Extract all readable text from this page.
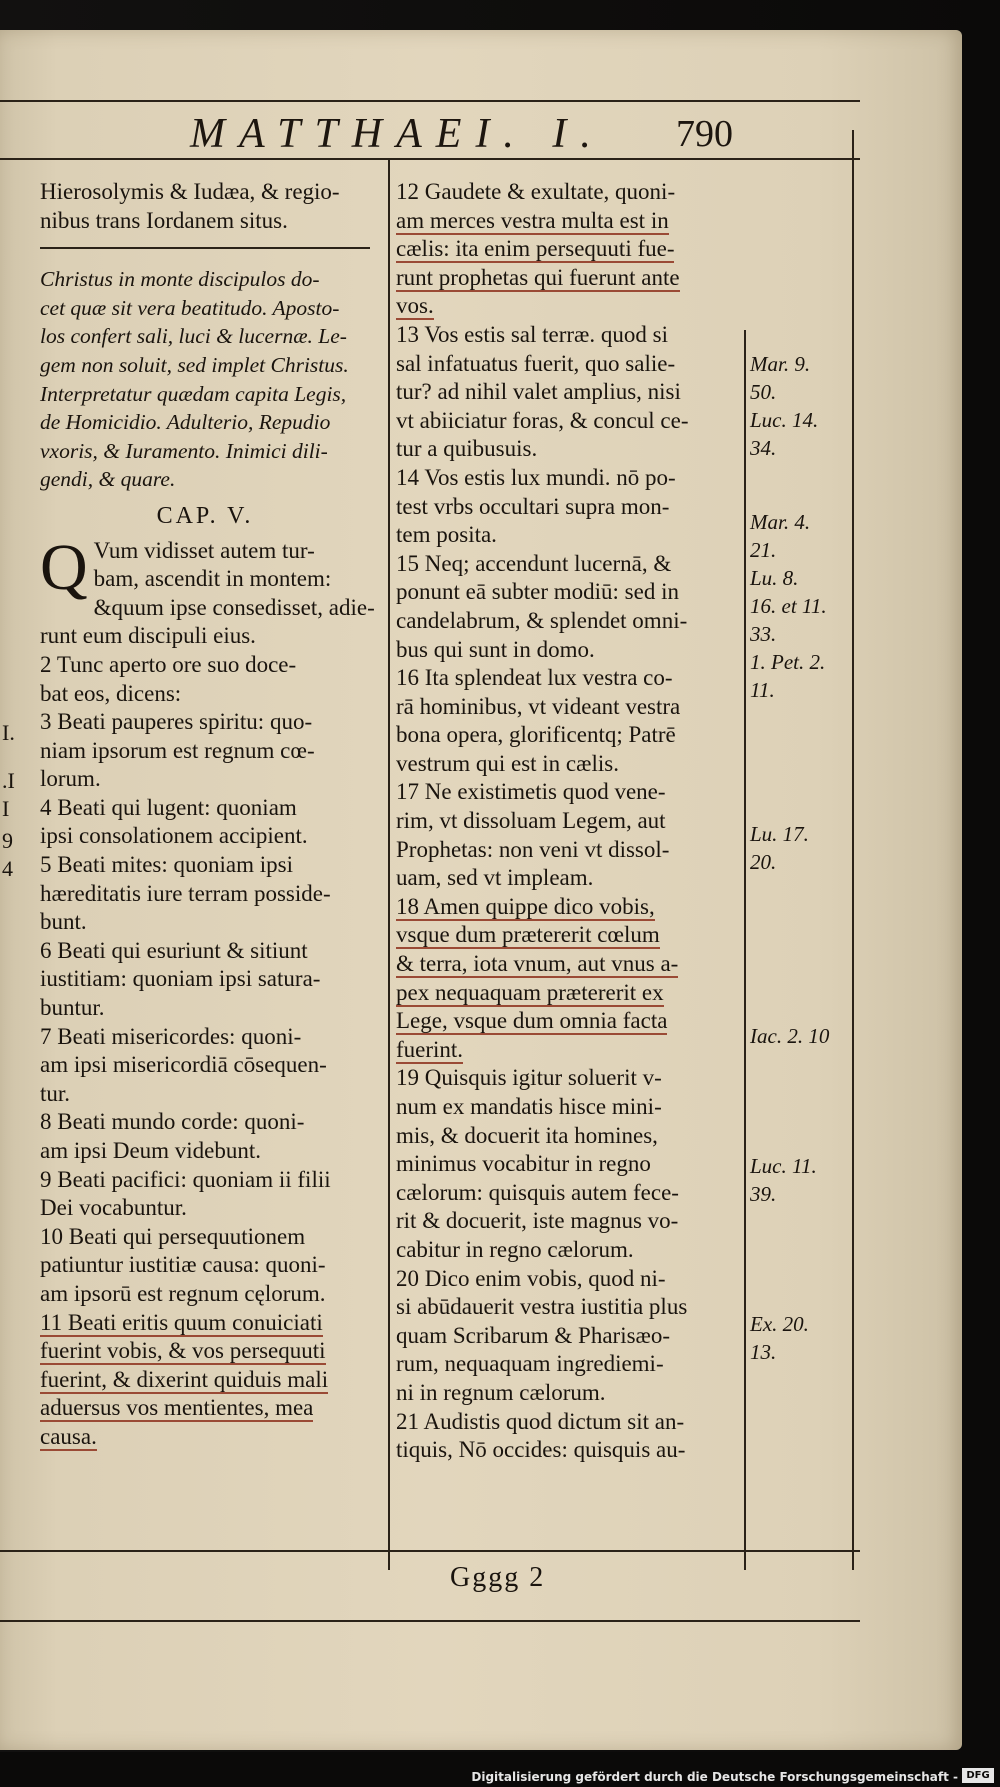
MATTHAEI. I. 790
I.
.I
I
9
4
Hierosolymis & Iudæa, & regio-
nibus trans Iordanem situs.
Christus in monte discipulos do-
cet quæ sit vera beatitudo. Aposto-
los confert sali, luci & lucernæ. Le-
gem non soluit, sed implet Christus.
Interpretatur quædam capita Legis,
de Homicidio. Adulterio, Repudio
vxoris, & Iuramento. Inimici dili-
gendi, & quare.
CAP. V.
Q Vum vidisset autem tur-
bam, ascendit in montem:
&quum ipse consedisset, adie-
runt eum discipuli eius.
2 Tunc aperto ore suo doce-
bat eos, dicens:
3 Beati pauperes spiritu: quo-
niam ipsorum est regnum cœ-
lorum.
4 Beati qui lugent: quoniam
ipsi consolationem accipient.
5 Beati mites: quoniam ipsi
hæreditatis iure terram posside-
bunt.
6 Beati qui esuriunt & sitiunt
iustitiam: quoniam ipsi satura-
buntur.
7 Beati misericordes: quoni-
am ipsi misericordiā cōsequen-
tur.
8 Beati mundo corde: quoni-
am ipsi Deum videbunt.
9 Beati pacifici: quoniam ii filii
Dei vocabuntur.
10 Beati qui persequutionem
patiuntur iustitiæ causa: quoni-
am ipsorū est regnum cęlorum.
11 Beati eritis quum conuiciati
fuerint vobis, & vos persequuti
fuerint, & dixerint quiduis mali
aduersus vos mentientes, mea
causa.
12 Gaudete & exultate, quoni-
am merces vestra multa est in
cælis: ita enim persequuti fue-
runt prophetas qui fuerunt ante
vos.
13 Vos estis sal terræ. quod si
sal infatuatus fuerit, quo salie-
tur? ad nihil valet amplius, nisi
vt abiiciatur foras, & concul ce-
tur a quibusuis.
14 Vos estis lux mundi. nō po-
test vrbs occultari supra mon-
tem posita.
15 Neq; accendunt lucernā, &
ponunt eā subter modiū: sed in
candelabrum, & splendet omni-
bus qui sunt in domo.
16 Ita splendeat lux vestra co-
rā hominibus, vt videant vestra
bona opera, glorificentq; Patrē
vestrum qui est in cælis.
17 Ne existimetis quod vene-
rim, vt dissoluam Legem, aut
Prophetas: non veni vt dissol-
uam, sed vt impleam.
18 Amen quippe dico vobis,
vsque dum prætererit cœlum
& terra, iota vnum, aut vnus a-
pex nequaquam prætererit ex
Lege, vsque dum omnia facta
fuerint.
19 Quisquis igitur soluerit v-
num ex mandatis hisce mini-
mis, & docuerit ita homines,
minimus vocabitur in regno
cælorum: quisquis autem fece-
rit & docuerit, iste magnus vo-
cabitur in regno cælorum.
20 Dico enim vobis, quod ni-
si abūdauerit vestra iustitia plus
quam Scribarum & Pharisæo-
rum, nequaquam ingrediemi-
ni in regnum cælorum.
21 Audistis quod dictum sit an-
tiquis, Nō occides: quisquis au-
Mar. 9.
50.
Luc. 14.
34.
Mar. 4.
21.
Lu. 8.
16. et 11.
33.
1. Pet. 2.
11.
Lu. 17.
20.
Iac. 2. 10
Luc. 11.
39.
Ex. 20.
13.
Gggg 2
Digitalisierung gefördert durch die Deutsche Forschungsgemeinschaft - DFG
